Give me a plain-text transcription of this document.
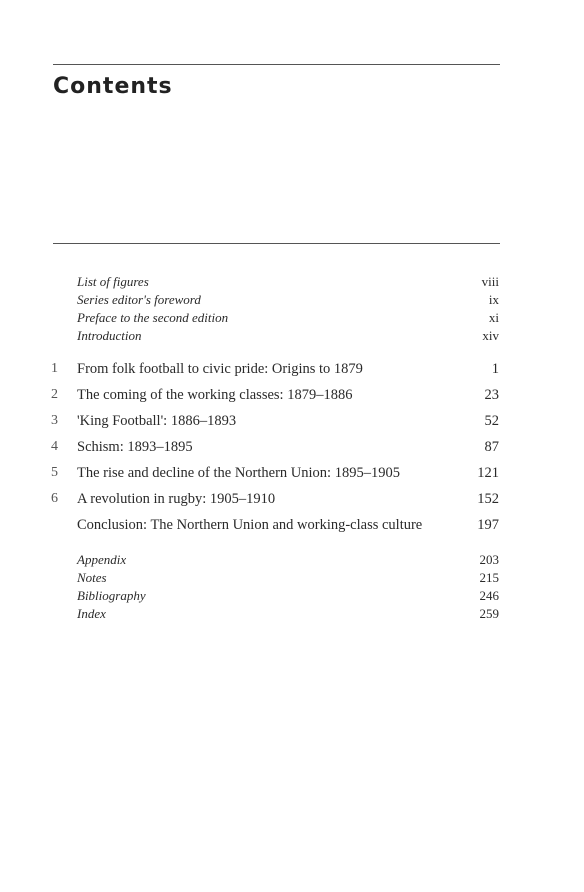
Contents
List of figures	viii
Series editor's foreword	ix
Preface to the second edition	xi
Introduction	xiv
1 From folk football to civic pride: Origins to 1879	1
2 The coming of the working classes: 1879–1886	23
3 'King Football': 1886–1893	52
4 Schism: 1893–1895	87
5 The rise and decline of the Northern Union: 1895–1905	121
6 A revolution in rugby: 1905–1910	152
Conclusion: The Northern Union and working-class culture	197
Appendix	203
Notes	215
Bibliography	246
Index	259
